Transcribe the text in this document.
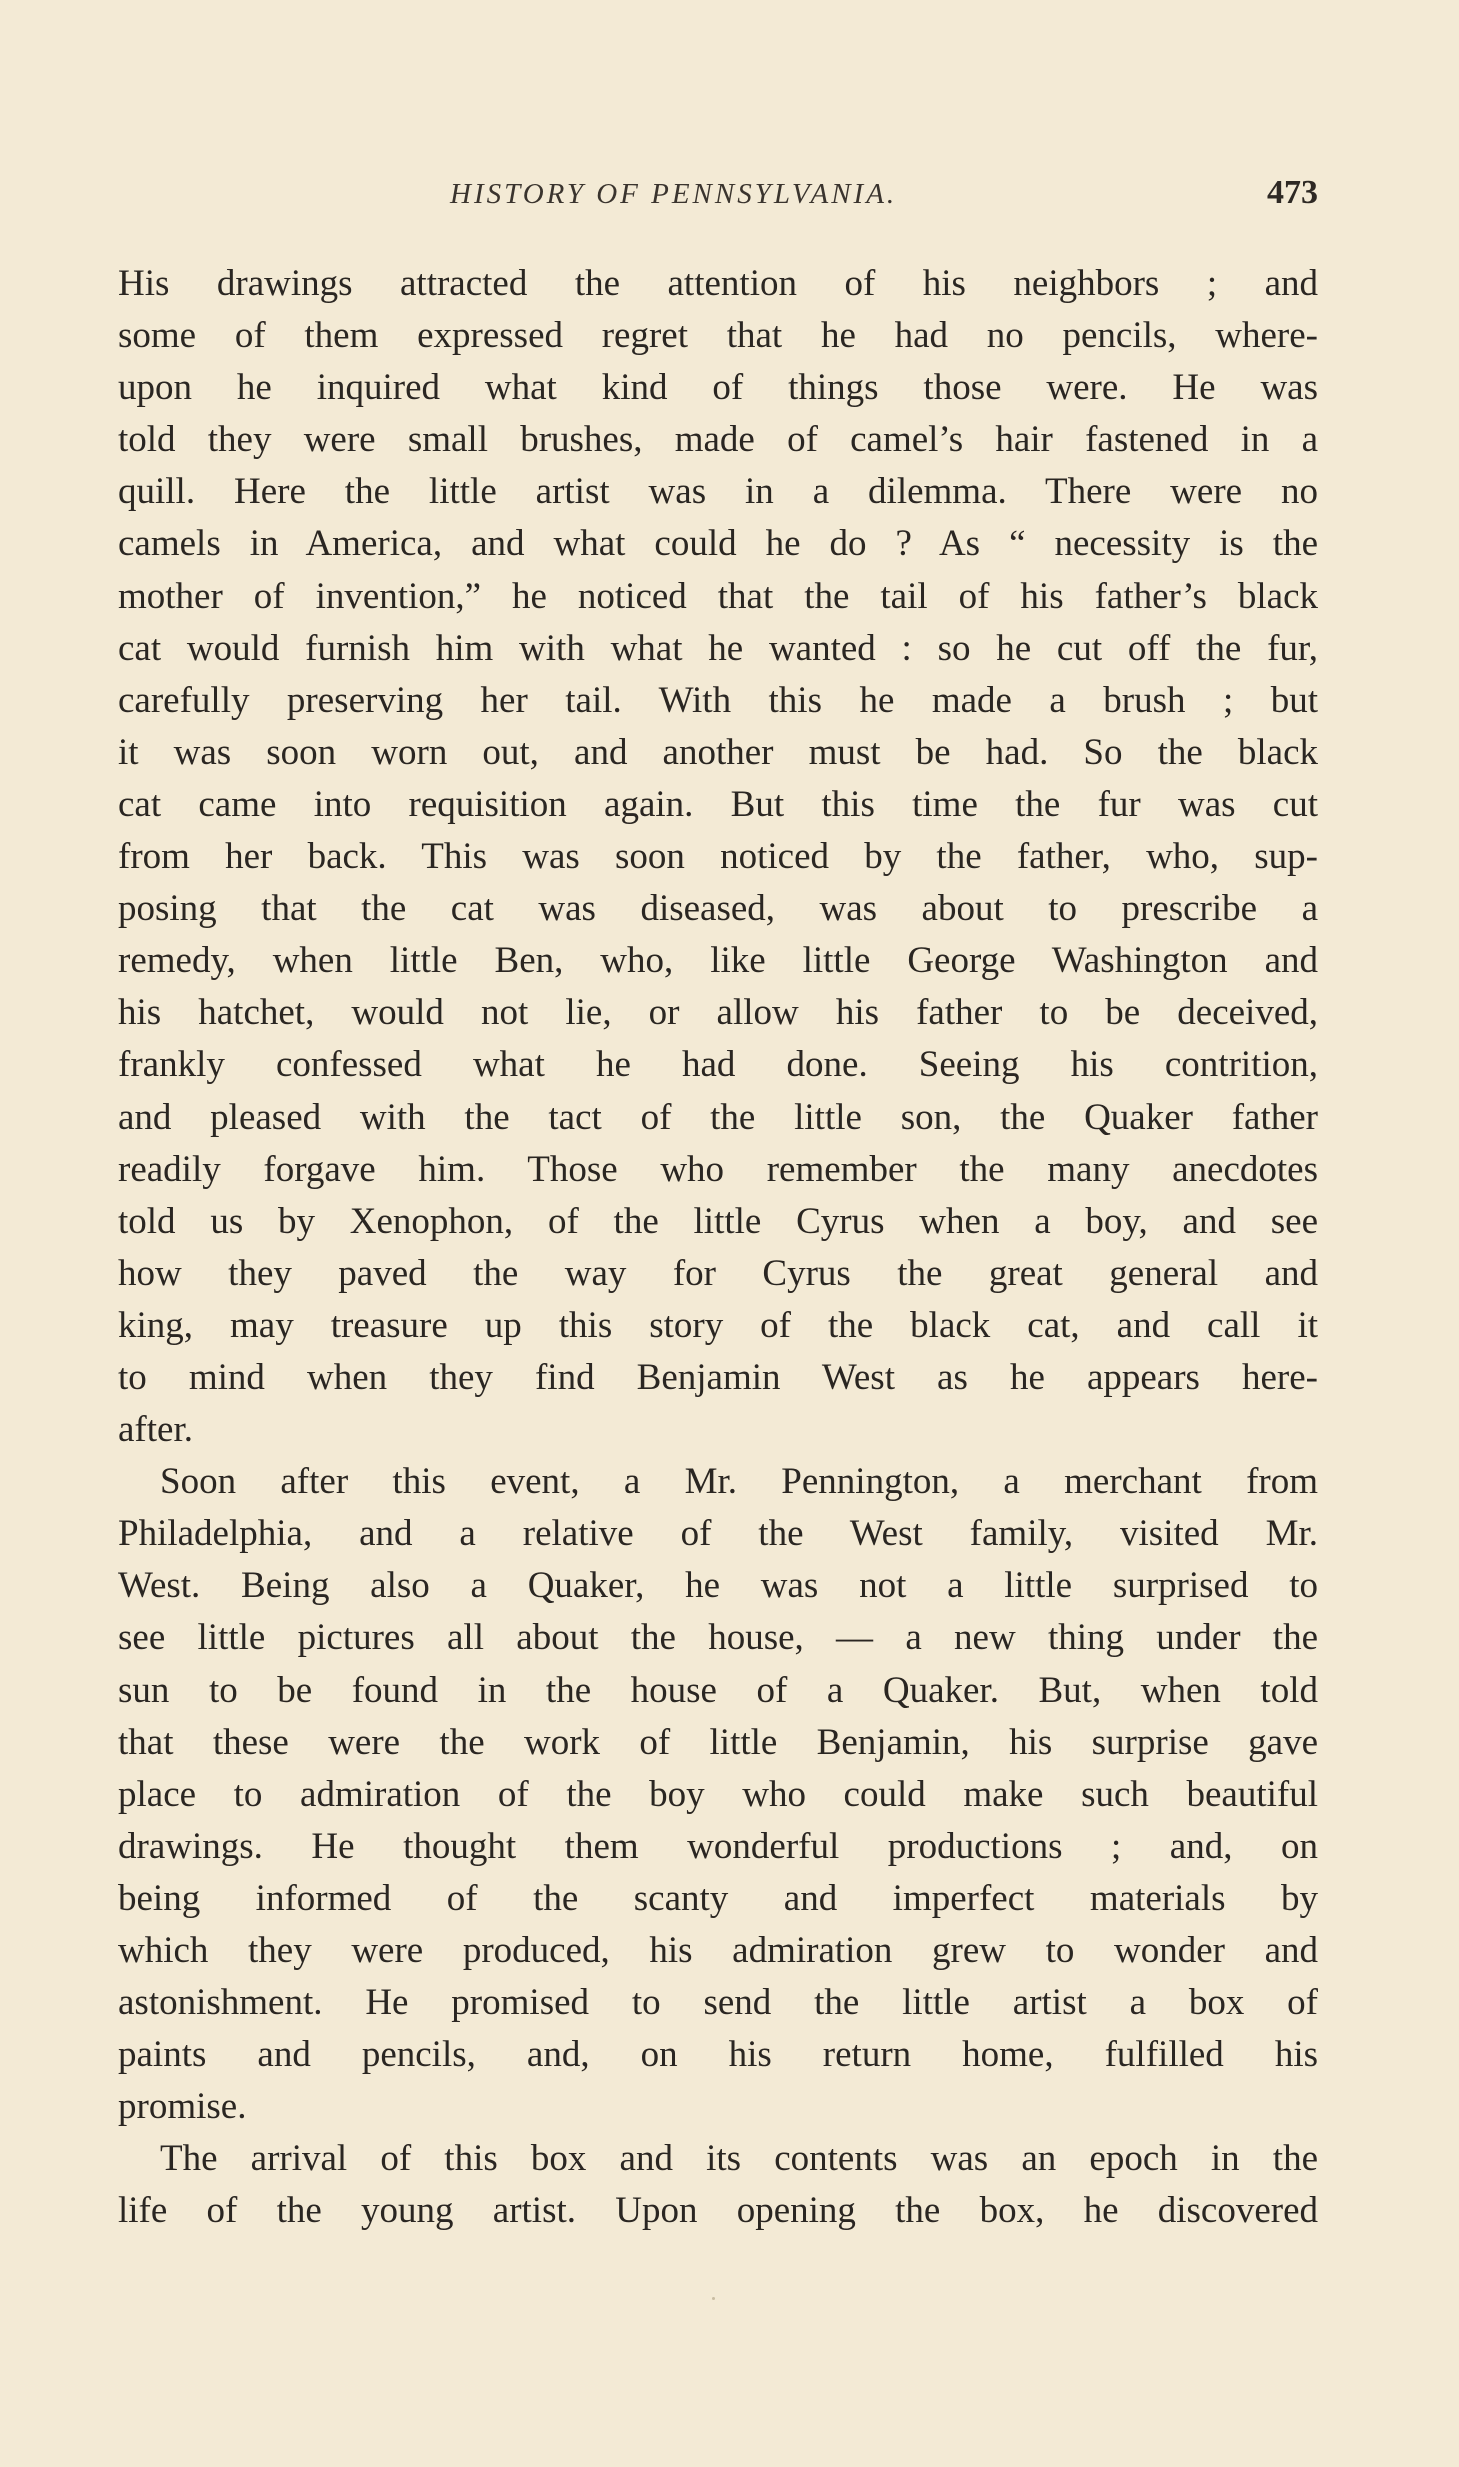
HISTORY OF PENNSYLVANIA.	473
His drawings attracted the attention of his neighbors ; and
some of them expressed regret that he had no pencils, where-
upon he inquired what kind of things those were. He was
told they were small brushes, made of camel’s hair fastened in a
quill. Here the little artist was in a dilemma. There were no
camels in America, and what could he do ? As “ necessity is the
mother of invention,” he noticed that the tail of his father’s black
cat would furnish him with what he wanted : so he cut off the fur,
carefully preserving her tail. With this he made a brush ; but
it was soon worn out, and another must be had. So the black
cat came into requisition again. But this time the fur was cut
from her back. This was soon noticed by the father, who, sup-
posing that the cat was diseased, was about to prescribe a
remedy, when little Ben, who, like little George Washington and
his hatchet, would not lie, or allow his father to be deceived,
frankly confessed what he had done. Seeing his contrition,
and pleased with the tact of the little son, the Quaker father
readily forgave him. Those who remember the many anecdotes
told us by Xenophon, of the little Cyrus when a boy, and see
how they paved the way for Cyrus the great general and
king, may treasure up this story of the black cat, and call it
to mind when they find Benjamin West as he appears here-
after.
Soon after this event, a Mr. Pennington, a merchant from
Philadelphia, and a relative of the West family, visited Mr.
West. Being also a Quaker, he was not a little surprised to
see little pictures all about the house, — a new thing under the
sun to be found in the house of a Quaker. But, when told
that these were the work of little Benjamin, his surprise gave
place to admiration of the boy who could make such beautiful
drawings. He thought them wonderful productions ; and, on
being informed of the scanty and imperfect materials by
which they were produced, his admiration grew to wonder and
astonishment. He promised to send the little artist a box of
paints and pencils, and, on his return home, fulfilled his
promise.
The arrival of this box and its contents was an epoch in the
life of the young artist. Upon opening the box, he discovered
